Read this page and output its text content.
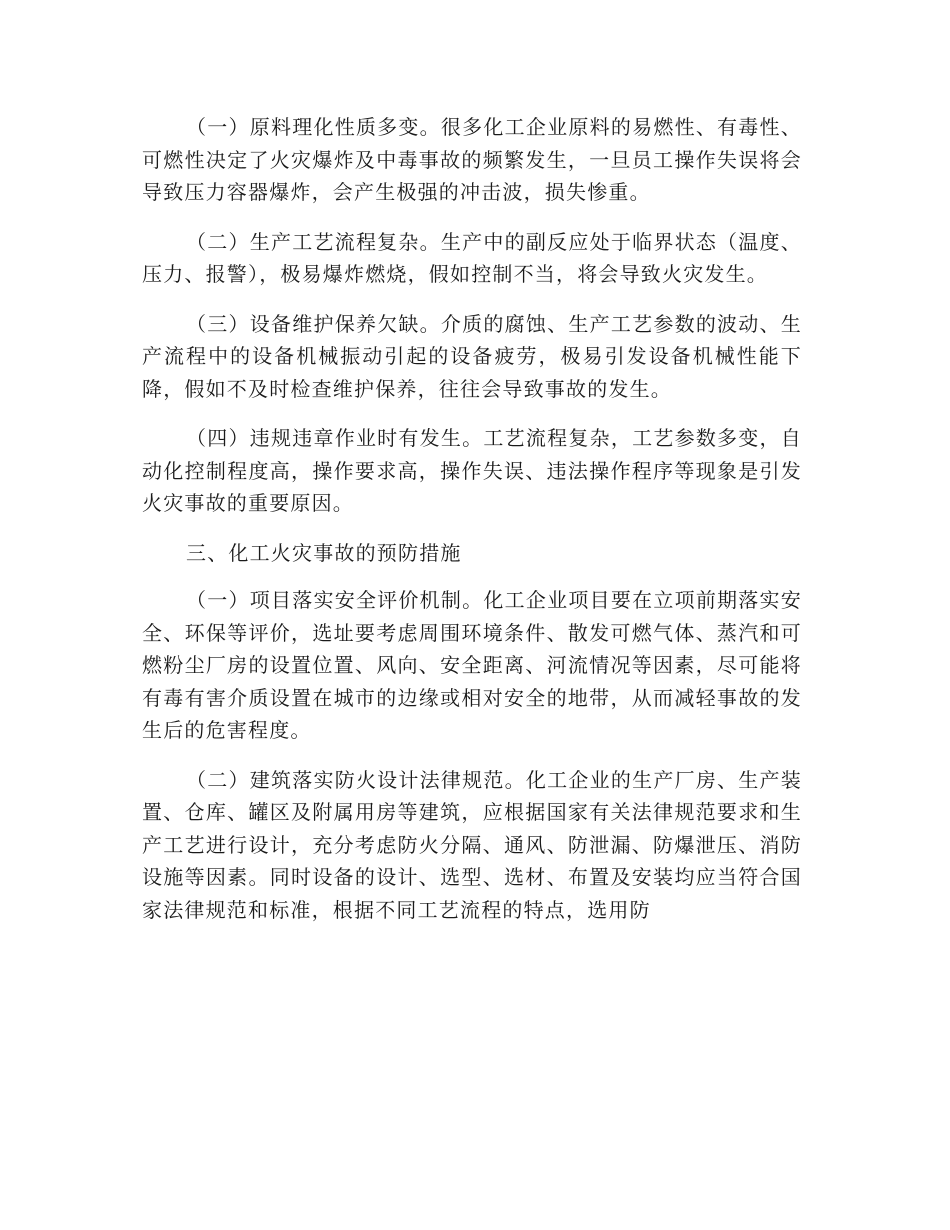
（一）原料理化性质多变。很多化工企业原料的易燃性、有毒性、可燃性决定了火灾爆炸及中毒事故的频繁发生，一旦员工操作失误将会导致压力容器爆炸，会产生极强的冲击波，损失惨重。

（二）生产工艺流程复杂。生产中的副反应处于临界状态（温度、压力、报警），极易爆炸燃烧，假如控制不当，将会导致火灾发生。

（三）设备维护保养欠缺。介质的腐蚀、生产工艺参数的波动、生产流程中的设备机械振动引起的设备疲劳，极易引发设备机械性能下降，假如不及时检查维护保养，往往会导致事故的发生。

（四）违规违章作业时有发生。工艺流程复杂，工艺参数多变，自动化控制程度高，操作要求高，操作失误、违法操作程序等现象是引发火灾事故的重要原因。

三、化工火灾事故的预防措施

（一）项目落实安全评价机制。化工企业项目要在立项前期落实安全、环保等评价，选址要考虑周围环境条件、散发可燃气体、蒸汽和可燃粉尘厂房的设置位置、风向、安全距离、河流情况等因素，尽可能将有毒有害介质设置在城市的边缘或相对安全的地带，从而减轻事故的发生后的危害程度。

（二）建筑落实防火设计法律规范。化工企业的生产厂房、生产装置、仓库、罐区及附属用房等建筑，应根据国家有关法律规范要求和生产工艺进行设计，充分考虑防火分隔、通风、防泄漏、防爆泄压、消防设施等因素。同时设备的设计、选型、选材、布置及安装均应当符合国家法律规范和标准，根据不同工艺流程的特点，选用防
